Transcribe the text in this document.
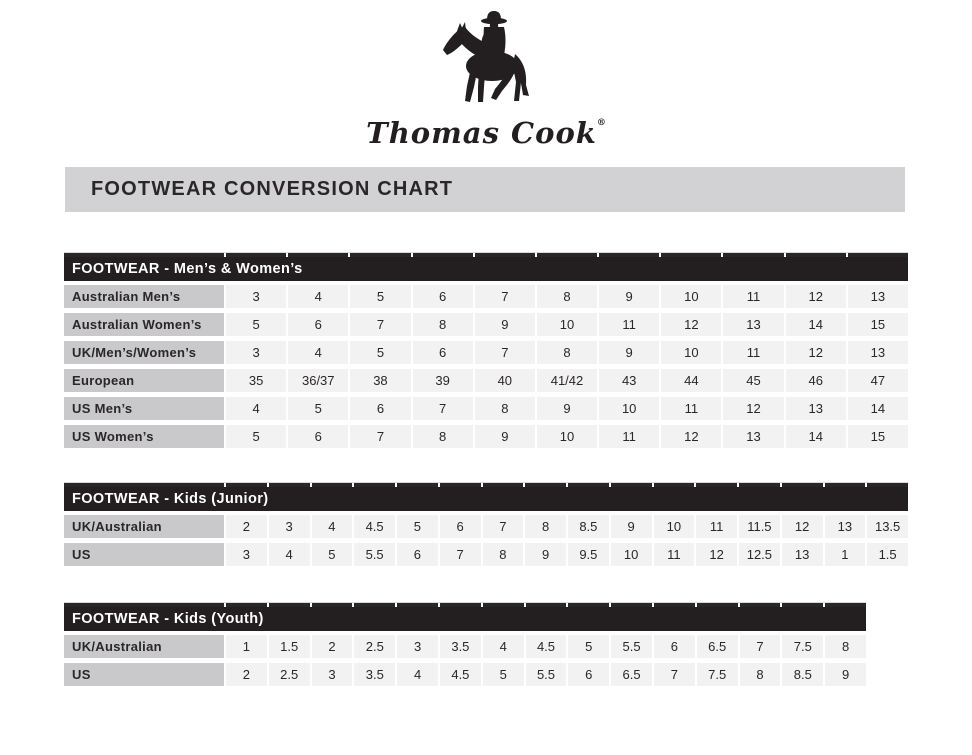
Thomas Cook®
FOOTWEAR CONVERSION CHART
FOOTWEAR - Men’s & Women’s
Australian Men’s	3	4	5	6	7	8	9	10	11	12	13
Australian Women’s	5	6	7	8	9	10	11	12	13	14	15
UK/Men’s/Women’s	3	4	5	6	7	8	9	10	11	12	13
European	35	36/37	38	39	40	41/42	43	44	45	46	47
US Men’s	4	5	6	7	8	9	10	11	12	13	14
US Women’s	5	6	7	8	9	10	11	12	13	14	15
FOOTWEAR - Kids (Junior)
UK/Australian	2	3	4	4.5	5	6	7	8	8.5	9	10	11	11.5	12	13	13.5
US	3	4	5	5.5	6	7	8	9	9.5	10	11	12	12.5	13	1	1.5
FOOTWEAR - Kids (Youth)
UK/Australian	1	1.5	2	2.5	3	3.5	4	4.5	5	5.5	6	6.5	7	7.5	8
US	2	2.5	3	3.5	4	4.5	5	5.5	6	6.5	7	7.5	8	8.5	9
